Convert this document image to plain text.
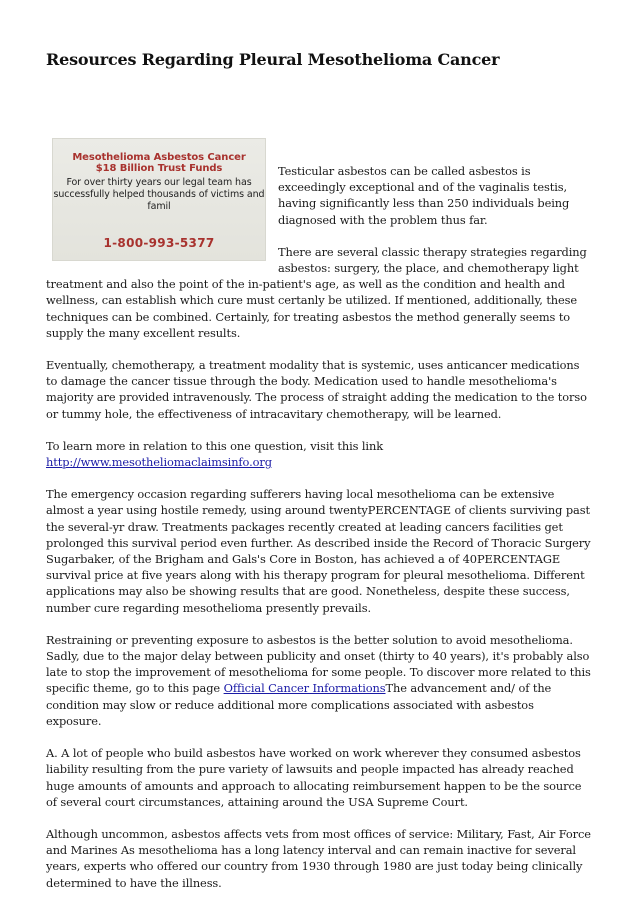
Resources Regarding Pleural Mesothelioma Cancer
Mesothelioma Asbestos Cancer
$18 Billion Trust Funds
For over thirty years our legal team has successfully helped thousands of victims and famil
1-800-993-5377

Testicular asbestos can be called asbestos is exceedingly exceptional and of the vaginalis testis, having significantly less than 250 individuals being diagnosed with the problem thus far.

There are several classic therapy strategies regarding asbestos: surgery, the place, and chemotherapy light treatment and also the point of the in-patient's age, as well as the condition and health and wellness, can establish which cure must certanly be utilized. If mentioned, additionally, these techniques can be combined. Certainly, for treating asbestos the method generally seems to supply the many excellent results.

Eventually, chemotherapy, a treatment modality that is systemic, uses anticancer medications to damage the cancer tissue through the body. Medication used to handle mesothelioma's majority are provided intravenously. The process of straight adding the medication to the torso or tummy hole, the effectiveness of intracavitary chemotherapy, will be learned.

To learn more in relation to this one question, visit this link http://www.mesotheliomaclaimsinfo.org

The emergency occasion regarding sufferers having local mesothelioma can be extensive almost a year using hostile remedy, using around twentyPERCENTAGE of clients surviving past the several-yr draw. Treatments packages recently created at leading cancers facilities get prolonged this survival period even further. As described inside the Record of Thoracic Surgery Sugarbaker, of the Brigham and Gals's Core in Boston, has achieved a of 40PERCENTAGE survival price at five years along with his therapy program for pleural mesothelioma. Different applications may also be showing results that are good. Nonetheless, despite these success, number cure regarding mesothelioma presently prevails.

Restraining or preventing exposure to asbestos is the better solution to avoid mesothelioma. Sadly, due to the major delay between publicity and onset (thirty to 40 years), it's probably also late to stop the improvement of mesothelioma for some people. To discover more related to this specific theme, go to this page Official Cancer InformationsThe advancement and/ of the condition may slow or reduce additional more complications associated with asbestos exposure.

A. A lot of people who build asbestos have worked on work wherever they consumed asbestos liability resulting from the pure variety of lawsuits and people impacted has already reached huge amounts of amounts and approach to allocating reimbursement happen to be the source of several court circumstances, attaining around the USA Supreme Court.

Although uncommon, asbestos affects vets from most offices of service: Military, Fast, Air Force and Marines As mesothelioma has a long latency interval and can remain inactive for several years, experts who offered our country from 1930 through 1980 are just today being clinically determined to have the illness.
